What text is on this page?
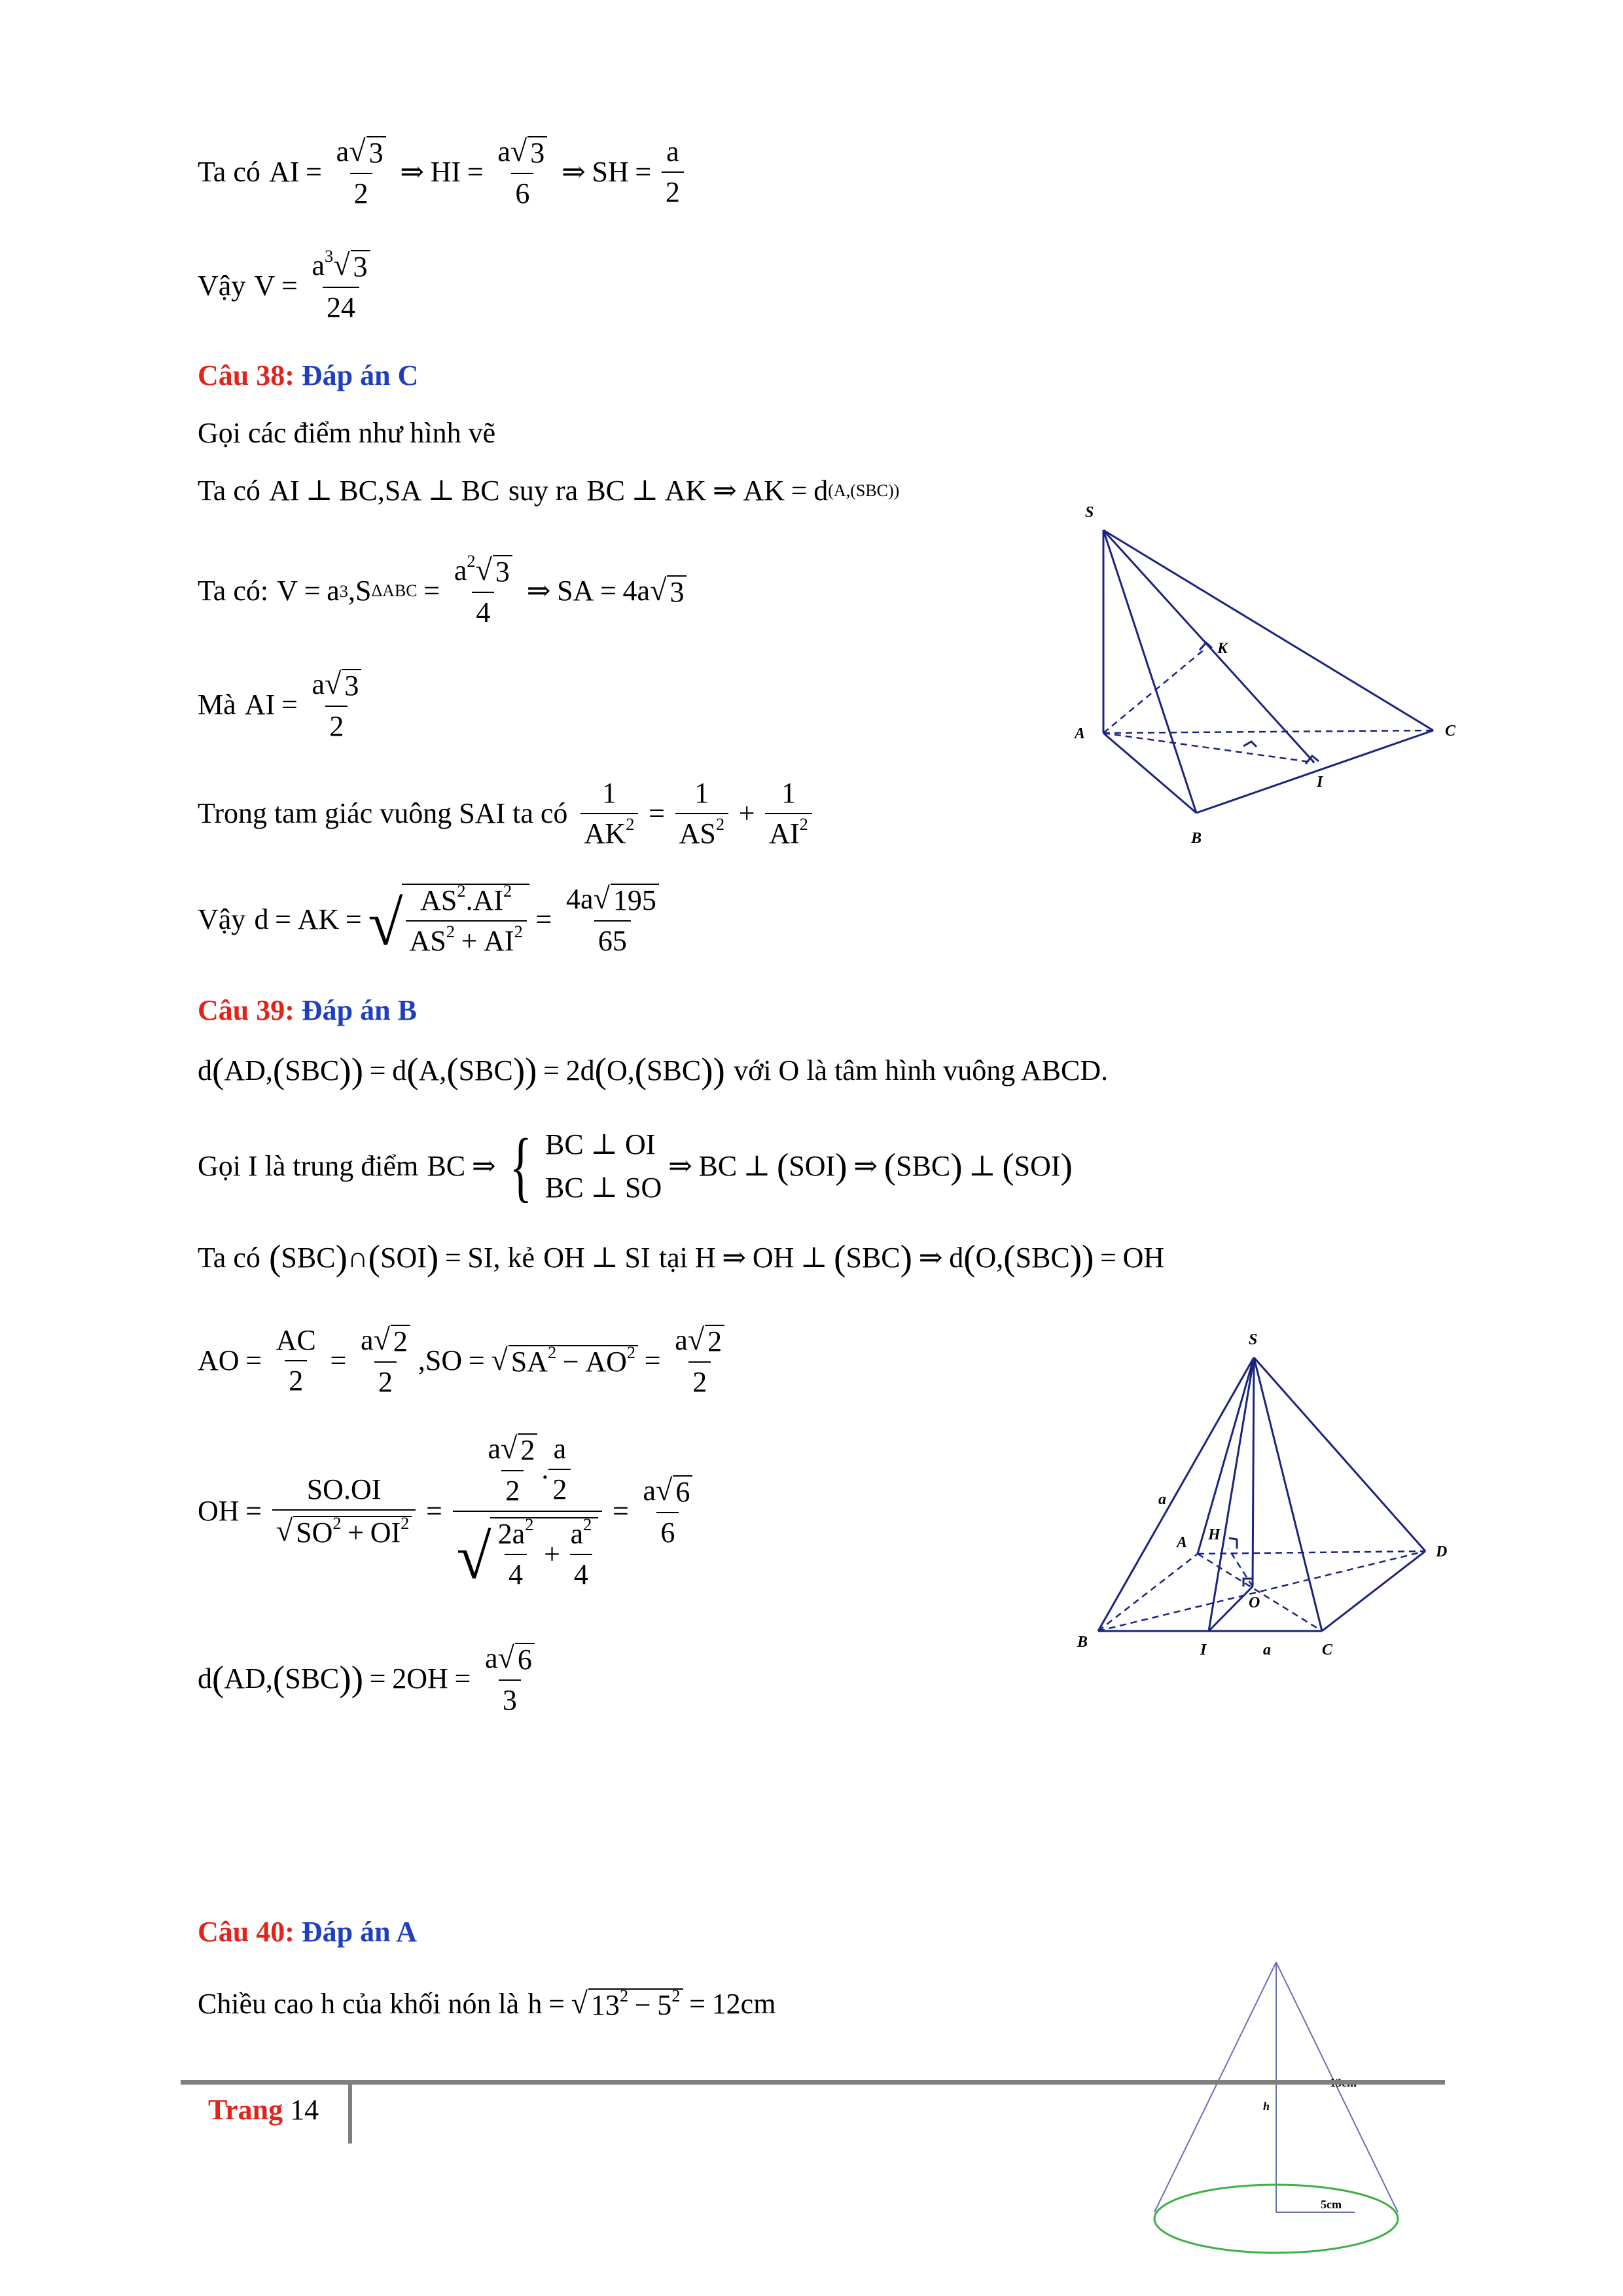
Ta có AI = $\frac{a √ 3}{2}$ ⇒ HI = $\frac{a √ 3}{6}$ ⇒ SH = $\frac{a}{2}$
Vậy $V = \frac{a^3 √ 3}{24}$
Câu 38: Đáp án C
Gọi các điểm như hình vẽ
Ta có AI ⊥ BC,SA ⊥ BC suy ra BC ⊥ AK ⇒ AK = d (A,(SBC))
Ta có: V = a 3 ,S $\Delta ABC = \frac{a^2 √ 3}{4}$ ⇒ SA = 4a √ 3
Mà AI = $\frac{a √ 3}{2}$
Trong tam giác vuông SAI ta có $\frac{1}{AK^2} = \frac{1}{AS^2} + \frac{1}{AI^2}$
Vậy d = AK = √ $\frac{AS^2.AI^2}{AS^2 + AI^2} = \frac{4a √ 195}{65}$
S
K
A	C
I
B
Câu 39: Đáp án B
d ( AD, ( SBC )) = d ( A, ( SBC )) = 2d ( O, ( SBC )) với O là tâm hình vuông ABCD.
Gọi I là trung điểm BC ⇒ { BC ⊥ OI
BC ⊥ SO
⇒ BC ⊥ ( SOI ) ⇒ ( SBC ) ⊥ ( SOI )
Ta có ( SBC ) ∩ ( SOI ) = SI , kẻ OH ⊥ SI tại H ⇒ OH ⊥ ( SBC ) ⇒ d ( O, ( SBC )) = OH
AO = $\frac{AC}{2} = \frac{a √ 2}{2} ,SO$ = √ $SA^2 - AO^2 = \frac{a √ 2}{2}$
OH = $\frac{SO.OI}{√ SO^2 + OI^2} = \frac{\frac{a √ 2}{2} . \frac{a}{2}}{√ \frac{2a^2}{4} + \frac{a^2}{4}} = \frac{a √ 6}{6}$
d ( AD, ( SBC )) = $2OH = \frac{a √ 6}{3}$
S
a
A H
D
O
B	I	a	C
Câu 40: Đáp án A
Chiều cao h của khối nón là h = √ $13^2 - 5^2 = 12cm$
h
5cm
Trang 14
